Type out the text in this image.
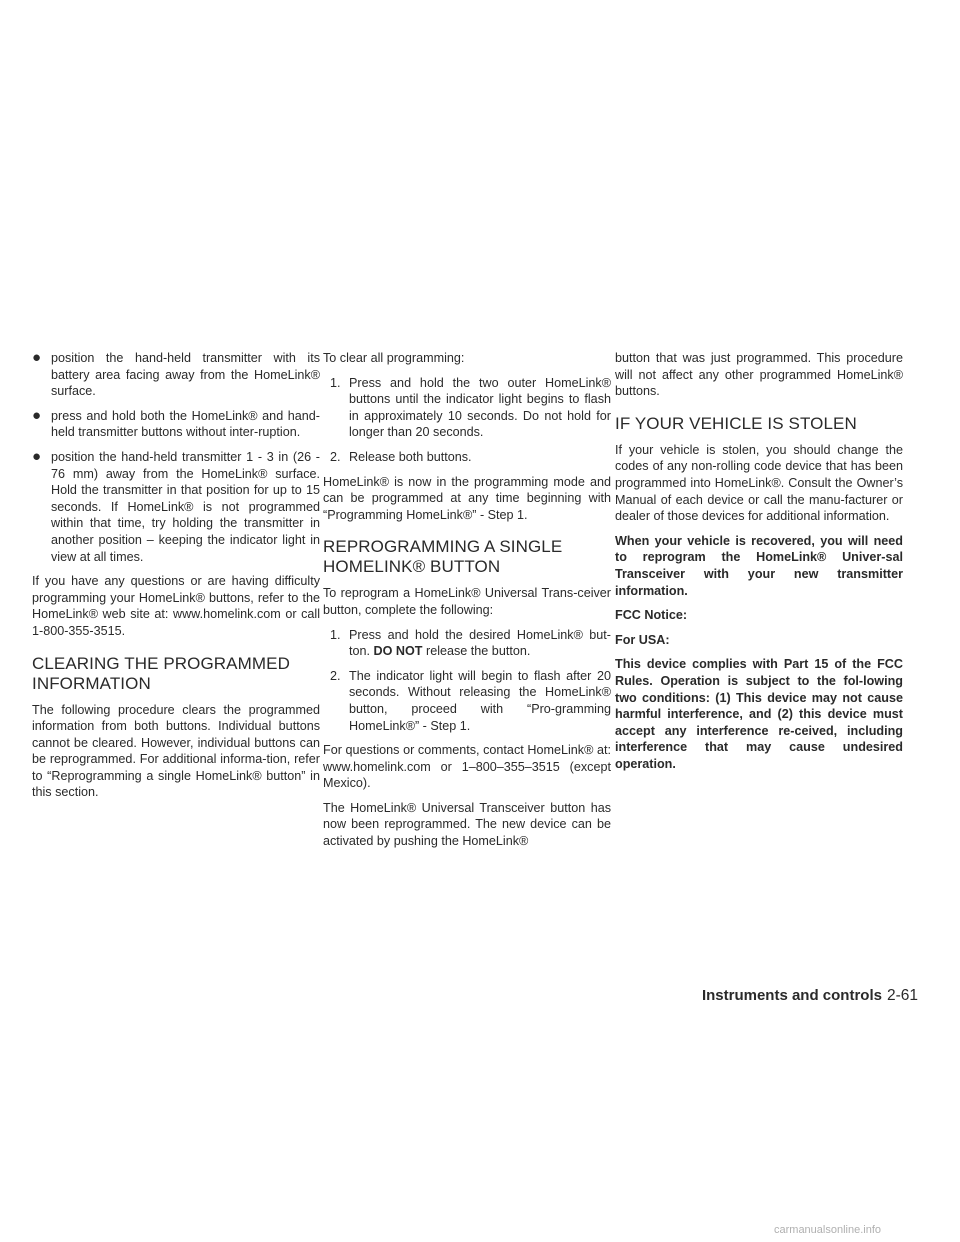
● position the hand-held transmitter with its battery area facing away from the HomeLink® surface.
● press and hold both the HomeLink® and hand-held transmitter buttons without inter-ruption.
● position the hand-held transmitter 1 - 3 in (26 - 76 mm) away from the HomeLink® surface. Hold the transmitter in that position for up to 15 seconds. If HomeLink® is not programmed within that time, try holding the transmitter in another position – keeping the indicator light in view at all times.

If you have any questions or are having difficulty programming your HomeLink® buttons, refer to the HomeLink® web site at: www.homelink.com or call 1-800-355-3515.

CLEARING THE PROGRAMMED INFORMATION

The following procedure clears the programmed information from both buttons. Individual buttons cannot be cleared. However, individual buttons can be reprogrammed. For additional informa-tion, refer to “Reprogramming a single HomeLink® button” in this section.

To clear all programming:

1. Press and hold the two outer HomeLink® buttons until the indicator light begins to flash in approximately 10 seconds. Do not hold for longer than 20 seconds.
2. Release both buttons.

HomeLink® is now in the programming mode and can be programmed at any time beginning with “Programming HomeLink®” - Step 1.

REPROGRAMMING A SINGLE HOMELINK® BUTTON

To reprogram a HomeLink® Universal Trans-ceiver button, complete the following:

1. Press and hold the desired HomeLink® but-ton. DO NOT release the button.
2. The indicator light will begin to flash after 20 seconds. Without releasing the HomeLink® button, proceed with “Pro-gramming HomeLink®” - Step 1.

For questions or comments, contact HomeLink® at: www.homelink.com or 1–800–355–3515 (except Mexico).

The HomeLink® Universal Transceiver button has now been reprogrammed. The new device can be activated by pushing the HomeLink®

button that was just programmed. This procedure will not affect any other programmed HomeLink® buttons.

IF YOUR VEHICLE IS STOLEN

If your vehicle is stolen, you should change the codes of any non-rolling code device that has been programmed into HomeLink®. Consult the Owner’s Manual of each device or call the manu-facturer or dealer of those devices for additional information.

When your vehicle is recovered, you will need to reprogram the HomeLink® Univer-sal Transceiver with your new transmitter information.

FCC Notice:

For USA:

This device complies with Part 15 of the FCC Rules. Operation is subject to the fol-lowing two conditions: (1) This device may not cause harmful interference, and (2) this device must accept any interference re-ceived, including interference that may cause undesired operation.

Instruments and controls 2-61
carmanualsonline.info
